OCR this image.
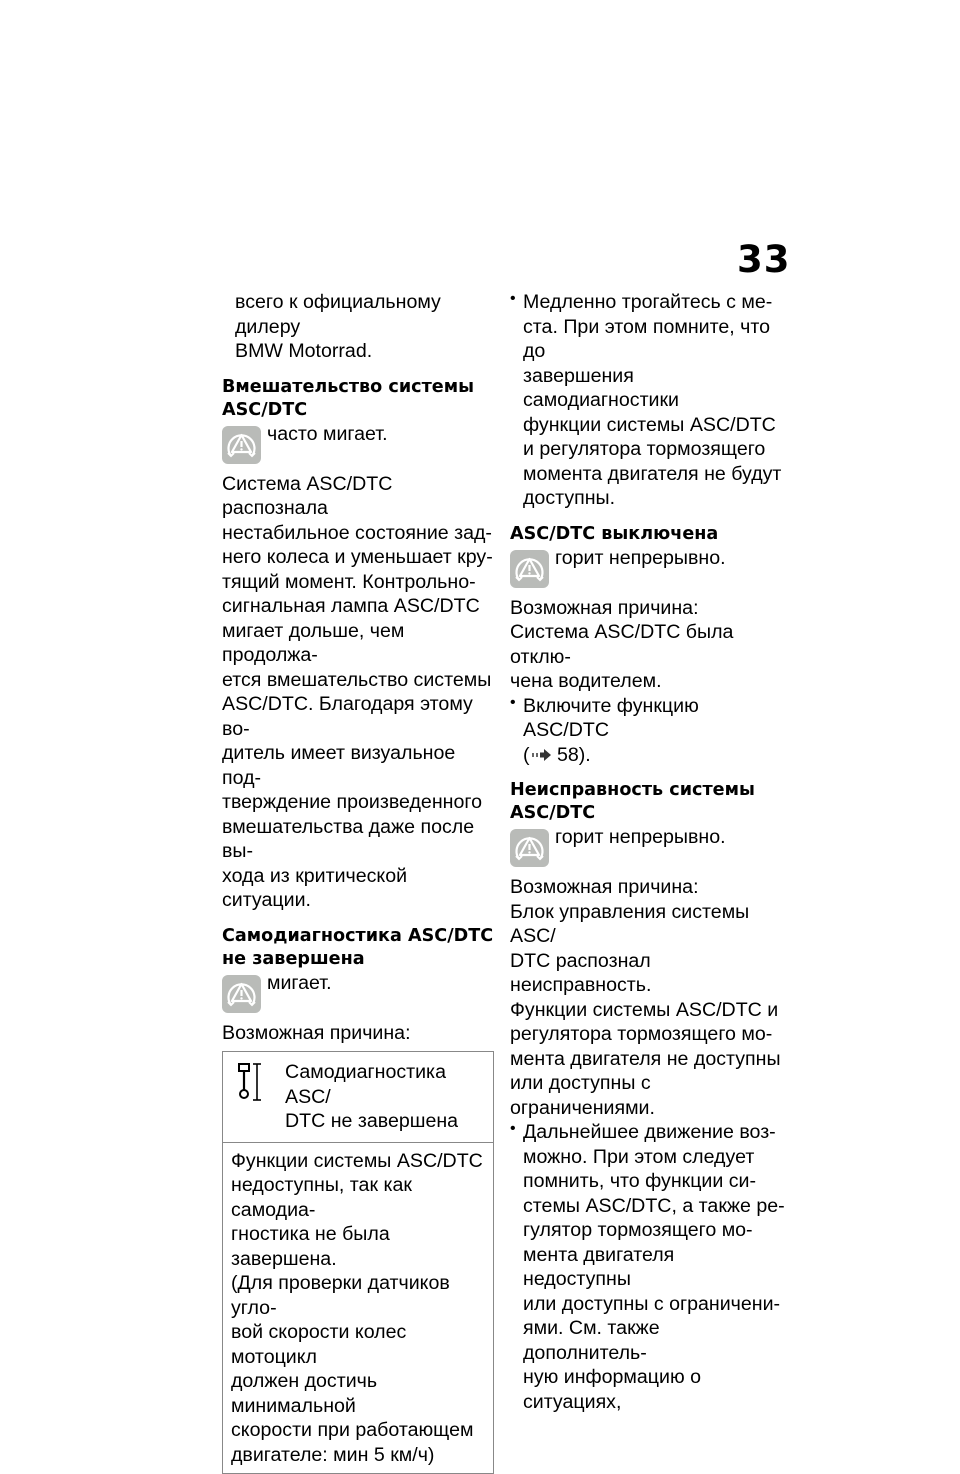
33

всего к официальному дилеру

BMW Motorrad.

Вмешательство системы
ASC/DTC

часто мигает.

Система ASC/DTC распознала

нестабильное состояние зад-

него колеса и уменьшает кру-

тящий момент. Контрольно-

сигнальная лампа ASC/DTC

мигает дольше, чем продолжа-

ется вмешательство системы

ASC/DTC. Благодаря этому во-

дитель имеет визуальное под-

тверждение произведенного

вмешательства даже после вы-

хода из критической ситуации.

Самодиагностика ASC/DTC
не завершена

мигает.

Возможная причина:

Самодиагностика ASC/

DTC не завершена

Функции системы ASC/DTC

недоступны, так как самодиа-

гностика не была завершена.

(Для проверки датчиков угло-

вой скорости колес мотоцикл

должен достичь минимальной

скорости при работающем

двигателе: мин 5 км/ч)

• Медленно трогайтесь с ме-

ста. При этом помните, что до

завершения самодиагностики

функции системы ASC/DTC

и регулятора тормозящего

момента двигателя не будут

доступны.

ASC/DTC выключена

горит непрерывно.

Возможная причина:

Система ASC/DTC была отклю-

чена водителем.

• Включите функцию ASC/DTC

( 58).

Неисправность системы
ASC/DTC

горит непрерывно.

Возможная причина:

Блок управления системы ASC/

DTC распознал неисправность.

Функции системы ASC/DTC и

регулятора тормозящего мо-

мента двигателя не доступны

или доступны с ограничениями.

• Дальнейшее движение воз-

можно. При этом следует

помнить, что функции си-

стемы ASC/DTC, а также ре-

гулятор тормозящего мо-

мента двигателя недоступны

или доступны с ограничени-

ями. См. также дополнитель-

ную информацию о ситуациях,
